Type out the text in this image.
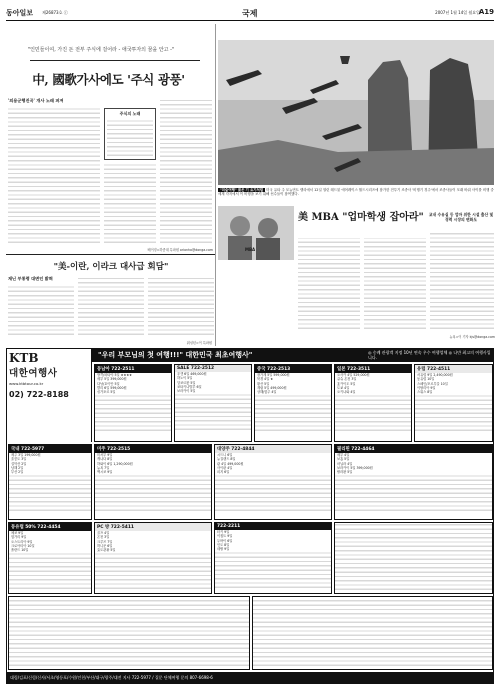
동아일보 제26873호 ⓒ	국제	2007년 1월 14일 월요일
A19
"인민들이여, 가진 돈 전부 주식에 걸어라 - 애국투자의 꿈을 안고 -"
中, 國歌가사에도 '주식 광풍'
'의용군행진곡' 개사 노래 퍼져
주식의 노래
베이징=하종대 특파원 orionha@donga.com
"미술여행" 붉은 기 요기처럼 미국 유타 주 모뉴먼트 밸리에서 12일 열린 레드불 에어레이스 월드시리즈에 참가한 전투기 조종사 '비행기 경주'에서 조종사들이 모래 바위 사이를 비행 중 세계 각지에서 이 비행을 보기 위해 선수들이 참여했다.
MBA
美 MBA "업마학생 잡아라"	교내 수유실 등 엄마 위한 시설 출산 및 경력 시장의 변화도
뉴욕=이 기자 kjs@donga.com
"美-이란, 이라크 대사급 회담"
재닌 부통령 대변인 밝혀
워싱턴=이 특파원
"우리 부모님의 첫 여행!!!" 대한민국 최초여행사"	◎ 숭례 관광객 지정 10년 연속 우수 여행업체 ◎ 나만 최고의 여행사입니다.
KTB
대한여행사
www.ktbtour.co.kr
02) 722-8188
동남아 722-2511
방콕/파타야 5일 ★★★★
세부 5일 399,000원
다낭/호이안 5일
발리 6일 599,000원
싱가포르 5일
SALE 722-2512
푸켓 6일 469,000원
하노이 5일
앙코르왓 5일
코타키나발루 6일
보라카이 5일
중국 722-2513
장가계 5일 599,000원
북경 4일 ★
황산 5일
계림 5일 499,000원
상해/항주 4일
일본 722-3511
오사카 4일 529,000원
큐슈 온천 3일
홋카이도 5일
도쿄 4일
오키나와 4일
유럽 722-4511
서유럽 9일 2,490,000원
동유럽 10일
스페인/포르투갈 10일
이탈리아 9일
스위스 8일
국내 722-5977
제주 3일 199,000원
울릉도 3일
설악산 2일
남해 2일
부산 2일
미주 722-2515
미서부 9일
캐나다 8일
하와이 6일 1,290,000원
뉴욕 7일
멕시코 9일
대양주 722-4844
시드니 6일
뉴질랜드 8일
괌 4일 499,000원
사이판 4일
피지 6일
필리핀 722-4464
세부 4일
보홀 5일
마닐라 4일
보라카이 5일 399,000원
팔라완 5일
동유럽 50% 722-4454
체코 9일
헝가리 9일
오스트리아 9일
크로아티아 10일
폴란드 10일
PC 방 722-5411
골프 4일
온천 3일
크루즈 7일
허니문 6일
효도관광 5일
722-2211
터키 9일
이집트 9일
두바이 6일
인도 8일
네팔 9일
대림/김포/신림/신사/서초/영등포/수원/인천/부산/대구/광주/대전 지사 722-5977 / 질문 단체여행 문의 807-6698-6
